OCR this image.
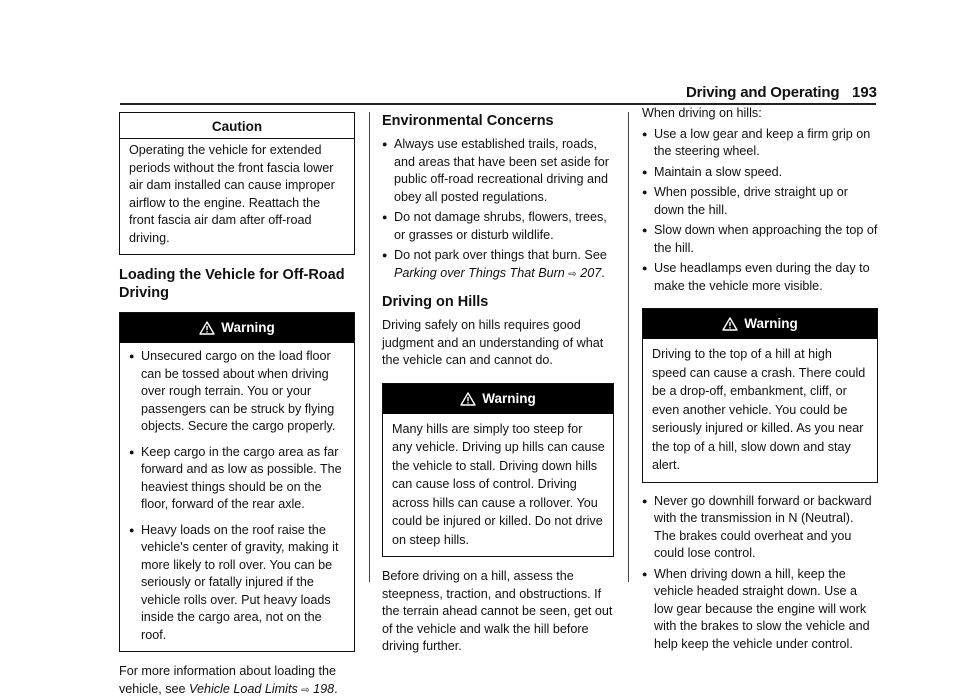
Driving and Operating 193
Caution

Operating the vehicle for extended periods without the front fascia lower air dam installed can cause improper airflow to the engine. Reattach the front fascia air dam after off-road driving.

Loading the Vehicle for Off-Road Driving
Warning
● Unsecured cargo on the load floor can be tossed about when driving over rough terrain. You or your passengers can be struck by flying objects. Secure the cargo properly.
● Keep cargo in the cargo area as far forward and as low as possible. The heaviest things should be on the floor, forward of the rear axle.
● Heavy loads on the roof raise the vehicle's center of gravity, making it more likely to roll over. You can be seriously or fatally injured if the vehicle rolls over. Put heavy loads inside the cargo area, not on the roof.

For more information about loading the vehicle, see Vehicle Load Limits ⇨ 198.

Environmental Concerns
● Always use established trails, roads, and areas that have been set aside for public off-road recreational driving and obey all posted regulations.
● Do not damage shrubs, flowers, trees, or grasses or disturb wildlife.
● Do not park over things that burn. See Parking over Things That Burn ⇨ 207.
Driving on Hills

Driving safely on hills requires good judgment and an understanding of what the vehicle can and cannot do.

Warning

Many hills are simply too steep for any vehicle. Driving up hills can cause the vehicle to stall. Driving down hills can cause loss of control. Driving across hills can cause a rollover. You could be injured or killed. Do not drive on steep hills.

Before driving on a hill, assess the steepness, traction, and obstructions. If the terrain ahead cannot be seen, get out of the vehicle and walk the hill before driving further.

When driving on hills:

● Use a low gear and keep a firm grip on the steering wheel.
● Maintain a slow speed.
● When possible, drive straight up or down the hill.
● Slow down when approaching the top of the hill.
● Use headlamps even during the day to make the vehicle more visible.
Warning

Driving to the top of a hill at high speed can cause a crash. There could be a drop-off, embankment, cliff, or even another vehicle. You could be seriously injured or killed. As you near the top of a hill, slow down and stay alert.

● Never go downhill forward or backward with the transmission in N (Neutral). The brakes could overheat and you could lose control.
● When driving down a hill, keep the vehicle headed straight down. Use a low gear because the engine will work with the brakes to slow the vehicle and help keep the vehicle under control.
